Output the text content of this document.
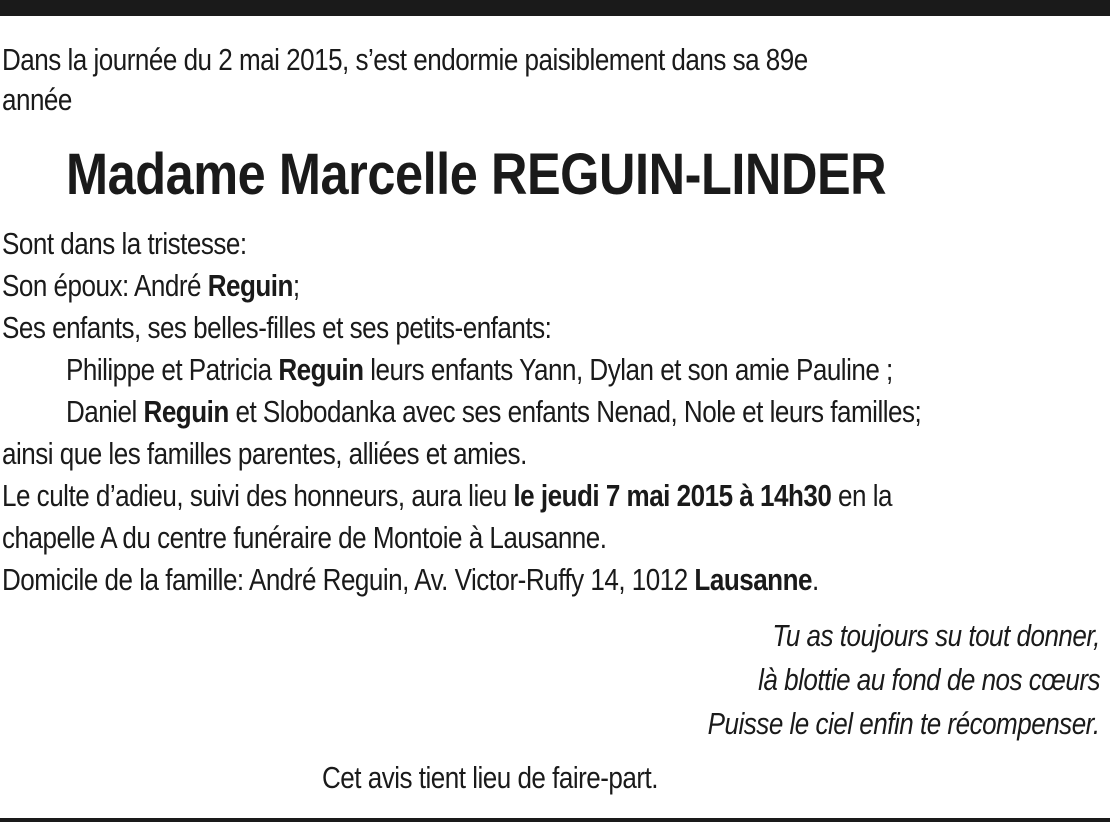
Dans la journée du 2 mai 2015, s’est endormie paisiblement dans sa 89e
année
Madame Marcelle REGUIN-LINDER
Sont dans la tristesse:
Son époux: André Reguin;
Ses enfants, ses belles-filles et ses petits-enfants:
Philippe et Patricia Reguin leurs enfants Yann, Dylan et son amie Pauline ;
Daniel Reguin et Slobodanka avec ses enfants Nenad, Nole et leurs familles;
ainsi que les familles parentes, alliées et amies.
Le culte d’adieu, suivi des honneurs, aura lieu le jeudi 7 mai 2015 à 14h30 en la
chapelle A du centre funéraire de Montoie à Lausanne.
Domicile de la famille: André Reguin, Av. Victor-Ruffy 14, 1012 Lausanne.
Tu as toujours su tout donner,
là blottie au fond de nos cœurs
Puisse le ciel enfin te récompenser.
Cet avis tient lieu de faire-part.
